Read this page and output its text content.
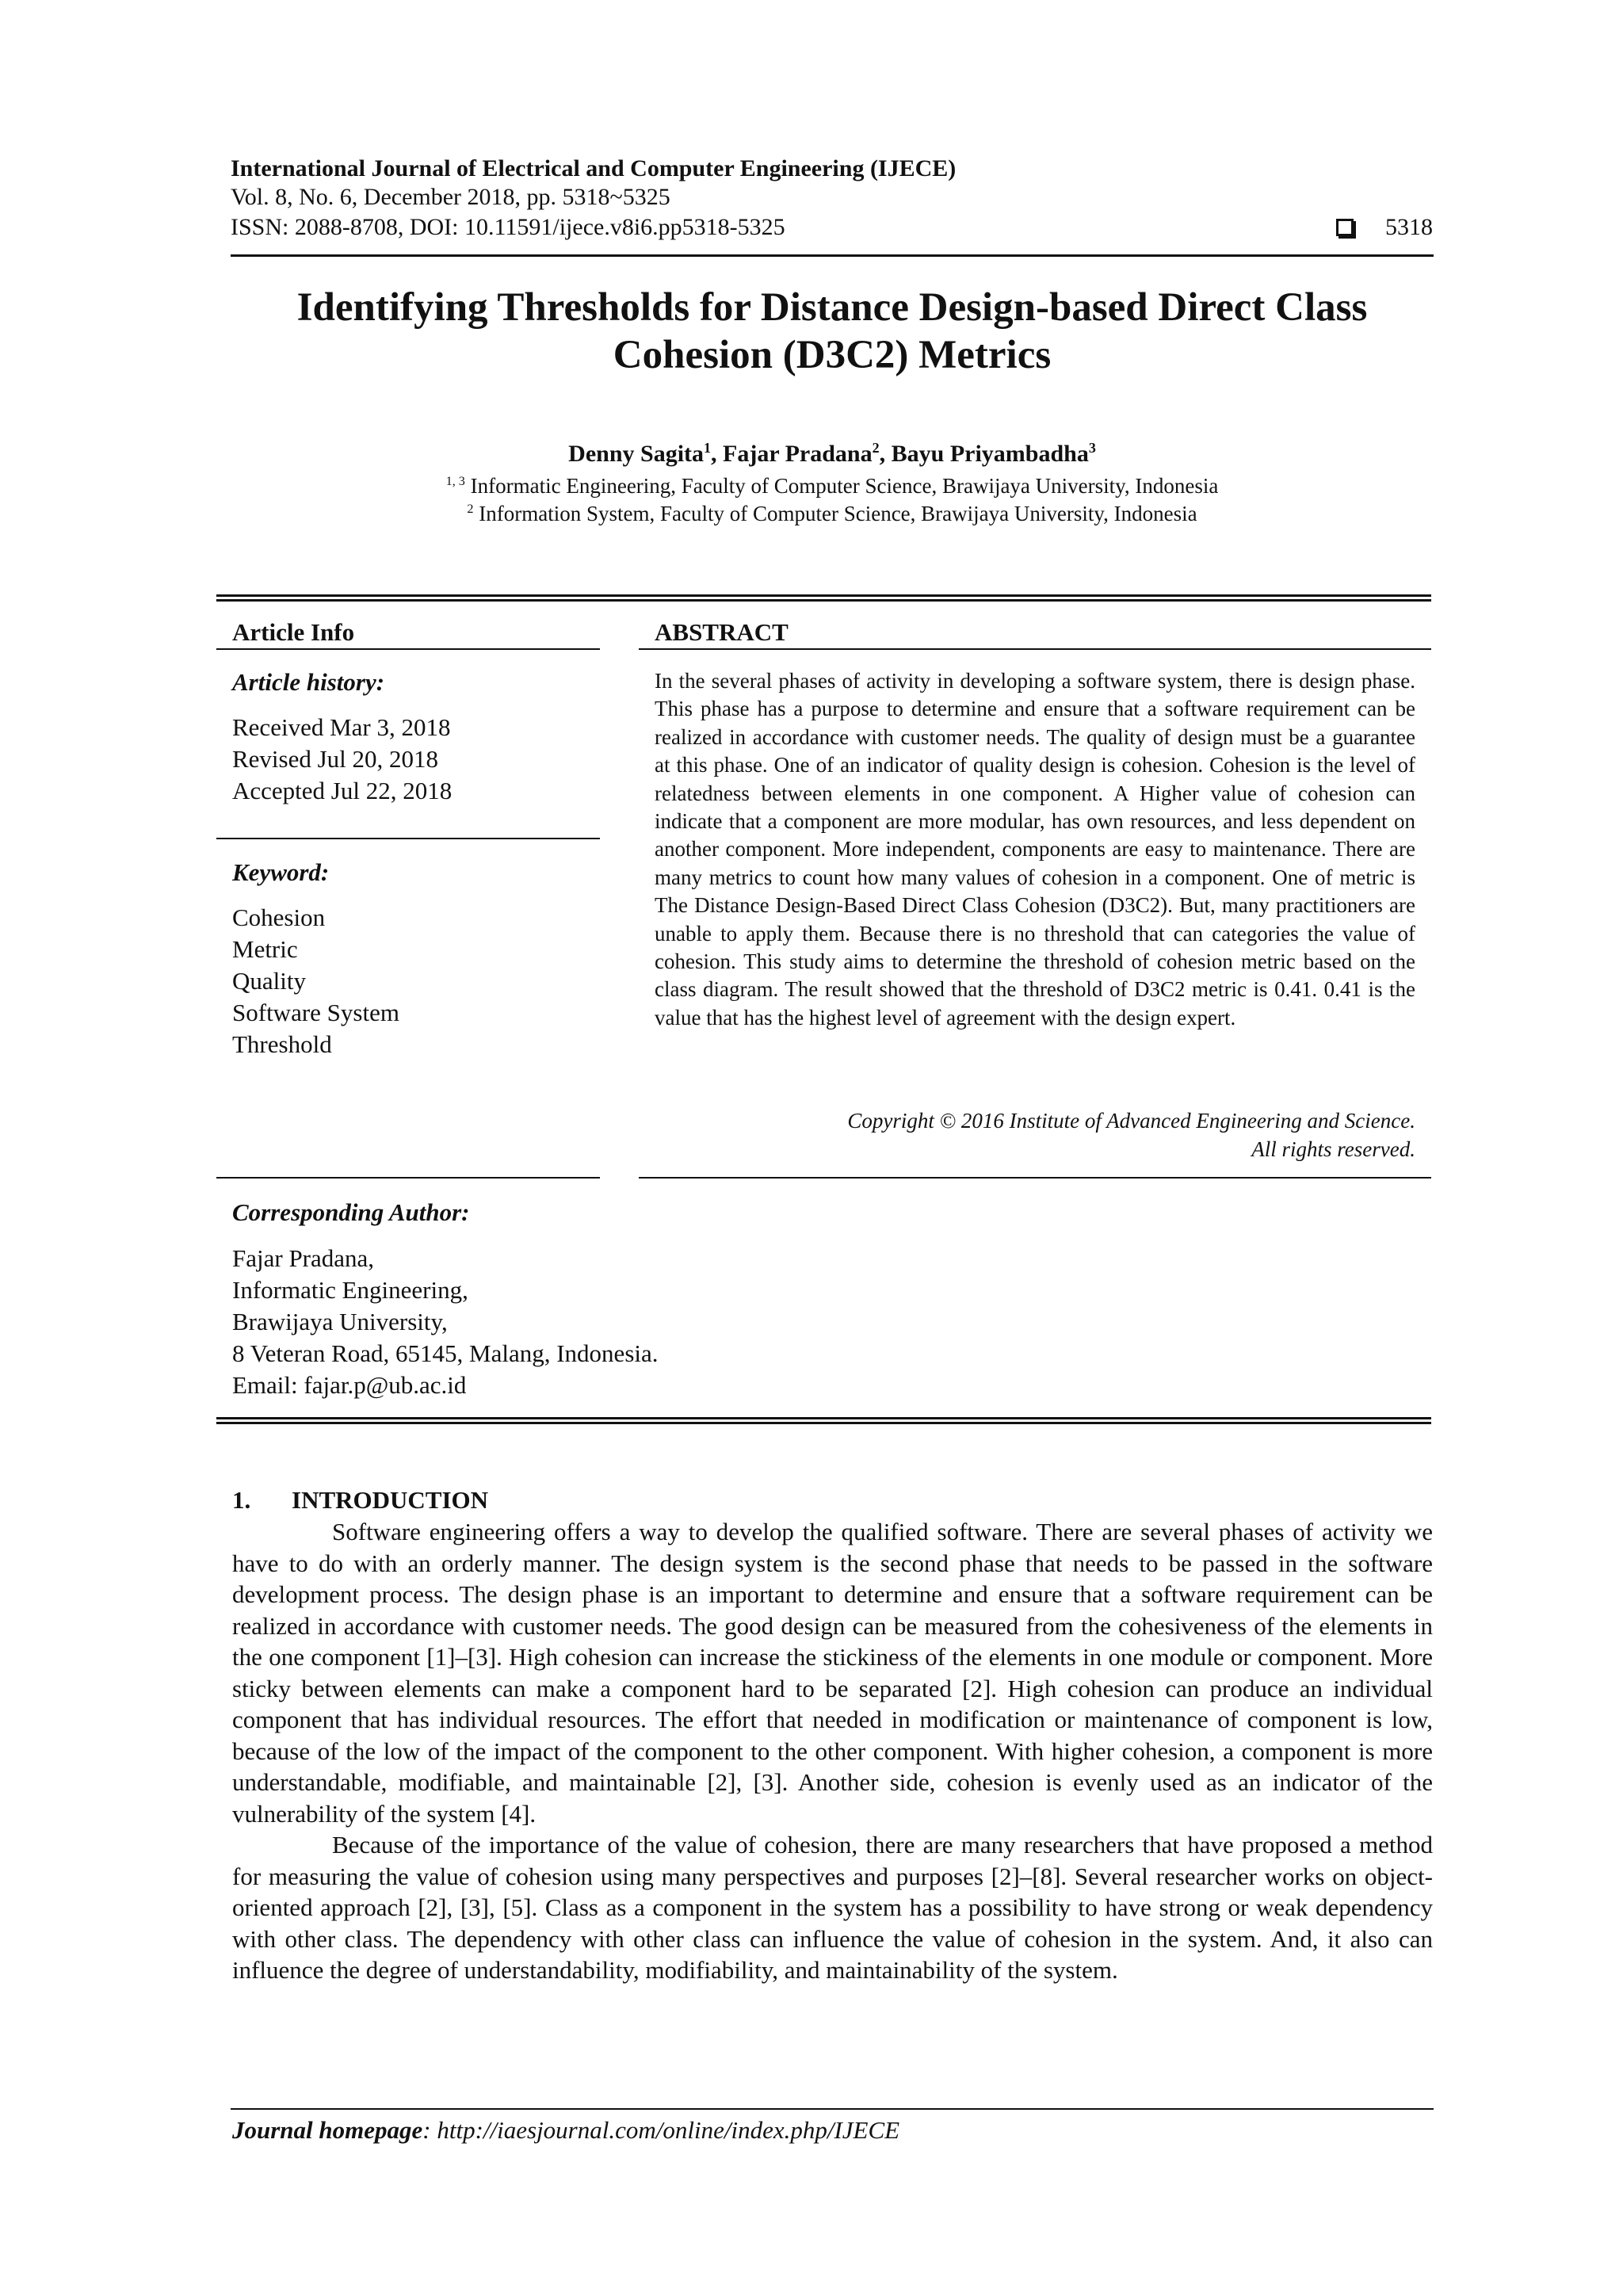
International Journal of Electrical and Computer Engineering (IJECE)
Vol. 8, No. 6, December 2018, pp. 5318~5325
ISSN: 2088-8708, DOI: 10.11591/ijece.v8i6.pp5318-5325	5318
Identifying Thresholds for Distance Design-based Direct Class
Cohesion (D3C2) Metrics
Denny Sagita$^1$, Fajar Pradana$^2$, Bayu Priyambadha$^3$
$^{1, 3}$ Informatic Engineering, Faculty of Computer Science, Brawijaya University, Indonesia
$^2$ Information System, Faculty of Computer Science, Brawijaya University, Indonesia
Article Info
Article history:
Received Mar 3, 2018
Revised Jul 20, 2018
Accepted Jul 22, 2018
Keyword:
Cohesion
Metric
Quality
Software System
Threshold
ABSTRACT
In the several phases of activity in developing a software system, there is design phase. This phase has a purpose to determine and ensure that a software requirement can be realized in accordance with customer needs. The quality of design must be a guarantee at this phase. One of an indicator of quality design is cohesion. Cohesion is the level of relatedness between elements in one component. A Higher value of cohesion can indicate that a component are more modular, has own resources, and less dependent on another component. More independent, components are easy to maintenance. There are many metrics to count how many values of cohesion in a component. One of metric is The Distance Design-Based Direct Class Cohesion (D3C2). But, many practitioners are unable to apply them. Because there is no threshold that can categories the value of cohesion. This study aims to determine the threshold of cohesion metric based on the class diagram. The result showed that the threshold of D3C2 metric is 0.41. 0.41 is the value that has the highest level of agreement with the design expert.
Copyright © 2016 Institute of Advanced Engineering and Science.
All rights reserved.
Corresponding Author:
Fajar Pradana,
Informatic Engineering,
Brawijaya University,
8 Veteran Road, 65145, Malang, Indonesia.
Email: fajar.p@ub.ac.id
1. INTRODUCTION

Software engineering offers a way to develop the qualified software. There are several phases of activity we have to do with an orderly manner. The design system is the second phase that needs to be passed in the software development process. The design phase is an important to determine and ensure that a software requirement can be realized in accordance with customer needs. The good design can be measured from the cohesiveness of the elements in the one component [1]–[3]. High cohesion can increase the stickiness of the elements in one module or component. More sticky between elements can make a component hard to be separated [2]. High cohesion can produce an individual component that has individual resources. The effort that needed in modification or maintenance of component is low, because of the low of the impact of the component to the other component. With higher cohesion, a component is more understandable, modifiable, and maintainable [2], [3]. Another side, cohesion is evenly used as an indicator of the vulnerability of the system [4].

Because of the importance of the value of cohesion, there are many researchers that have proposed a method for measuring the value of cohesion using many perspectives and purposes [2]–[8]. Several researcher works on object-oriented approach [2], [3], [5]. Class as a component in the system has a possibility to have strong or weak dependency with other class. The dependency with other class can influence the value of cohesion in the system. And, it also can influence the degree of understandability, modifiability, and maintainability of the system.

Journal homepage: http://iaesjournal.com/online/index.php/IJECE
